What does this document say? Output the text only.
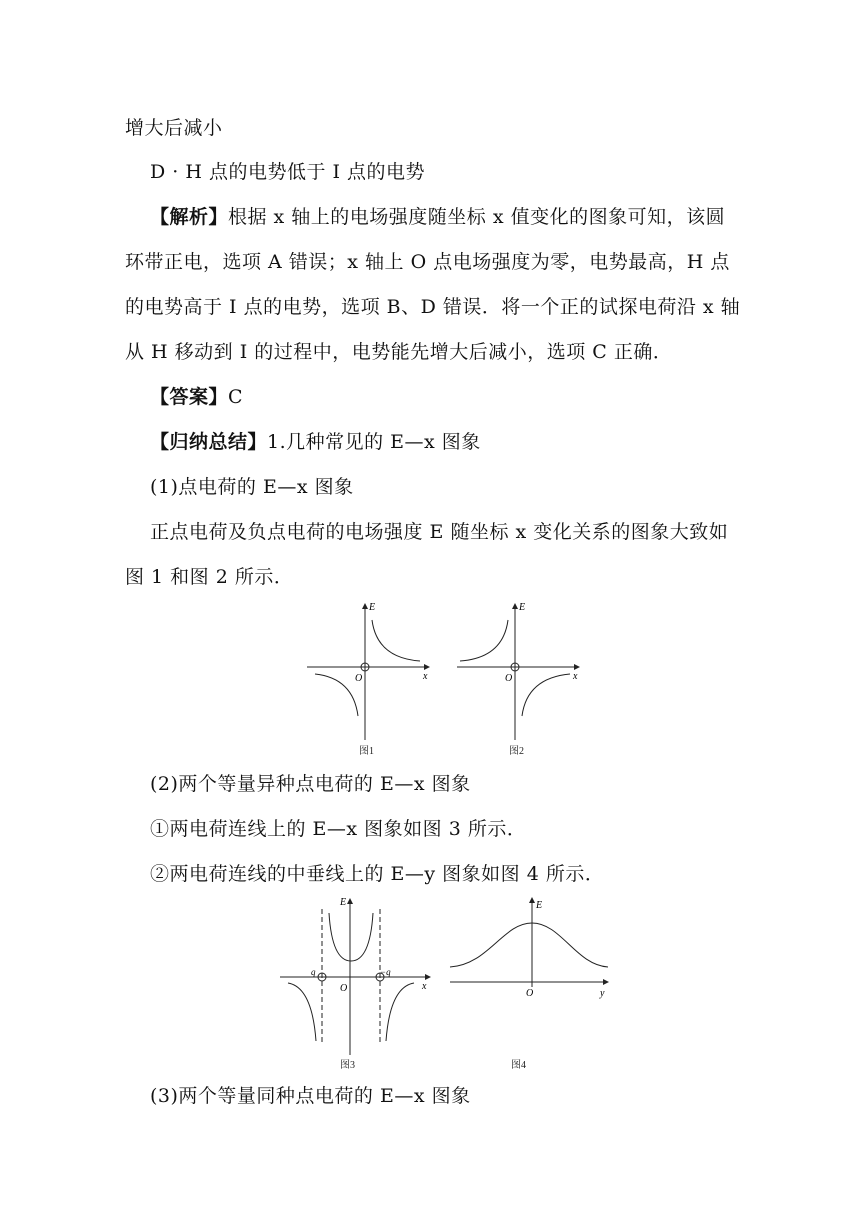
增大后减小
D · H 点的电势低于 I 点的电势
【解析】根据 x 轴上的电场强度随坐标 x 值变化的图象可知，该圆
环带正电，选项 A 错误；x 轴上 O 点电场强度为零，电势最高，H 点
的电势高于 I 点的电势，选项 B、D 错误．将一个正的试探电荷沿 x 轴
从 H 移动到 I 的过程中，电势能先增大后减小，选项 C 正确．
【答案】C
【归纳总结】1.几种常见的 E—x 图象
(1)点电荷的 E—x 图象
正点电荷及负点电荷的电场强度 E 随坐标 x 变化关系的图象大致如
图 1 和图 2 所示．
E
x
O
图1
E
x
O
图2
(2)两个等量异种点电荷的 E—x 图象
①两电荷连线上的 E—x 图象如图 3 所示．
②两电荷连线的中垂线上的 E—y 图象如图 4 所示．
E
x
O
q	−q
图3
E
y
O
图4
(3)两个等量同种点电荷的 E—x 图象
